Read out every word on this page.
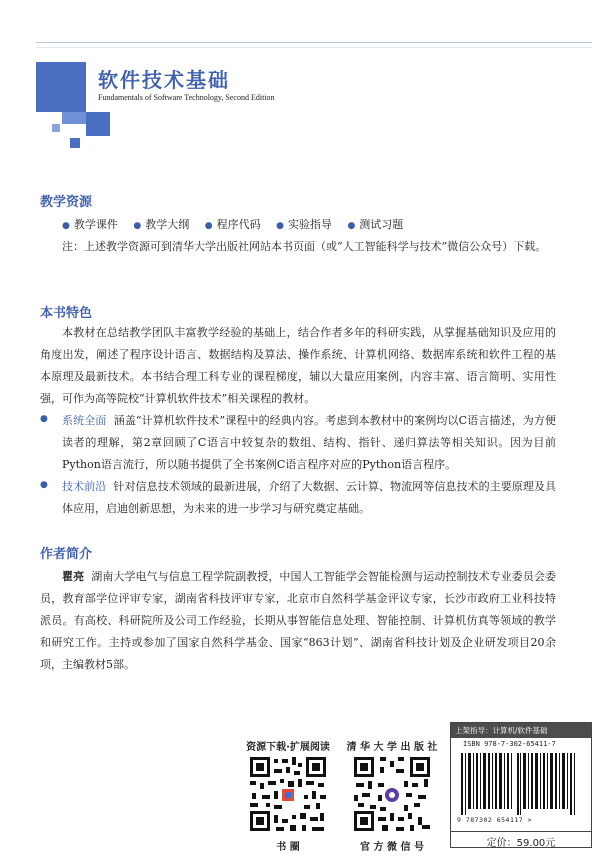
软件技术基础
Fundamentals of Software Technology, Second Edition
教学资源
● 教学课件 ● 教学大纲 ● 程序代码 ● 实验指导 ● 测试习题
注：上述教学资源可到清华大学出版社网站本书页面（或“人工智能科学与技术”微信公众号）下载。
本书特色
本教材在总结教学团队丰富教学经验的基础上，结合作者多年的科研实践，从掌握基础知识及应用的角度出发，阐述了程序设计语言、数据结构及算法、操作系统、计算机网络、数据库系统和软件工程的基本原理及最新技术。本书结合理工科专业的课程梯度，辅以大量应用案例，内容丰富、语言简明、实用性强，可作为高等院校“计算机软件技术”相关课程的教材。
● 系统全面 涵盖“计算机软件技术”课程中的经典内容。考虑到本教材中的案例均以C语言描述，为方便读者的理解，第2章回顾了C语言中较复杂的数组、结构、指针、递归算法等相关知识。因为目前Python语言流行，所以随书提供了全书案例C语言程序对应的Python语言程序。
● 技术前沿 针对信息技术领域的最新进展，介绍了大数据、云计算、物流网等信息技术的主要原理及具体应用，启迪创新思想，为未来的进一步学习与研究奠定基础。
作者简介
瞿亮 湖南大学电气与信息工程学院副教授，中国人工智能学会智能检测与运动控制技术专业委员会委员，教育部学位评审专家，湖南省科技评审专家，北京市自然科学基金评议专家，长沙市政府工业科技特派员。有高校、科研院所及公司工作经验，长期从事智能信息处理、智能控制、计算机仿真等领域的教学和研究工作。主持或参加了国家自然科学基金、国家“863计划”、湖南省科技计划及企业研发项目20余项，主编教材5部。
资源下载·扩展阅读
书 圈
清 华 大 学 出 版 社
官 方 微 信 号
上架指导：计算机/软件基础
ISBN 978-7-302-65411-7
9 787302 654117 >
定价：59.00元
